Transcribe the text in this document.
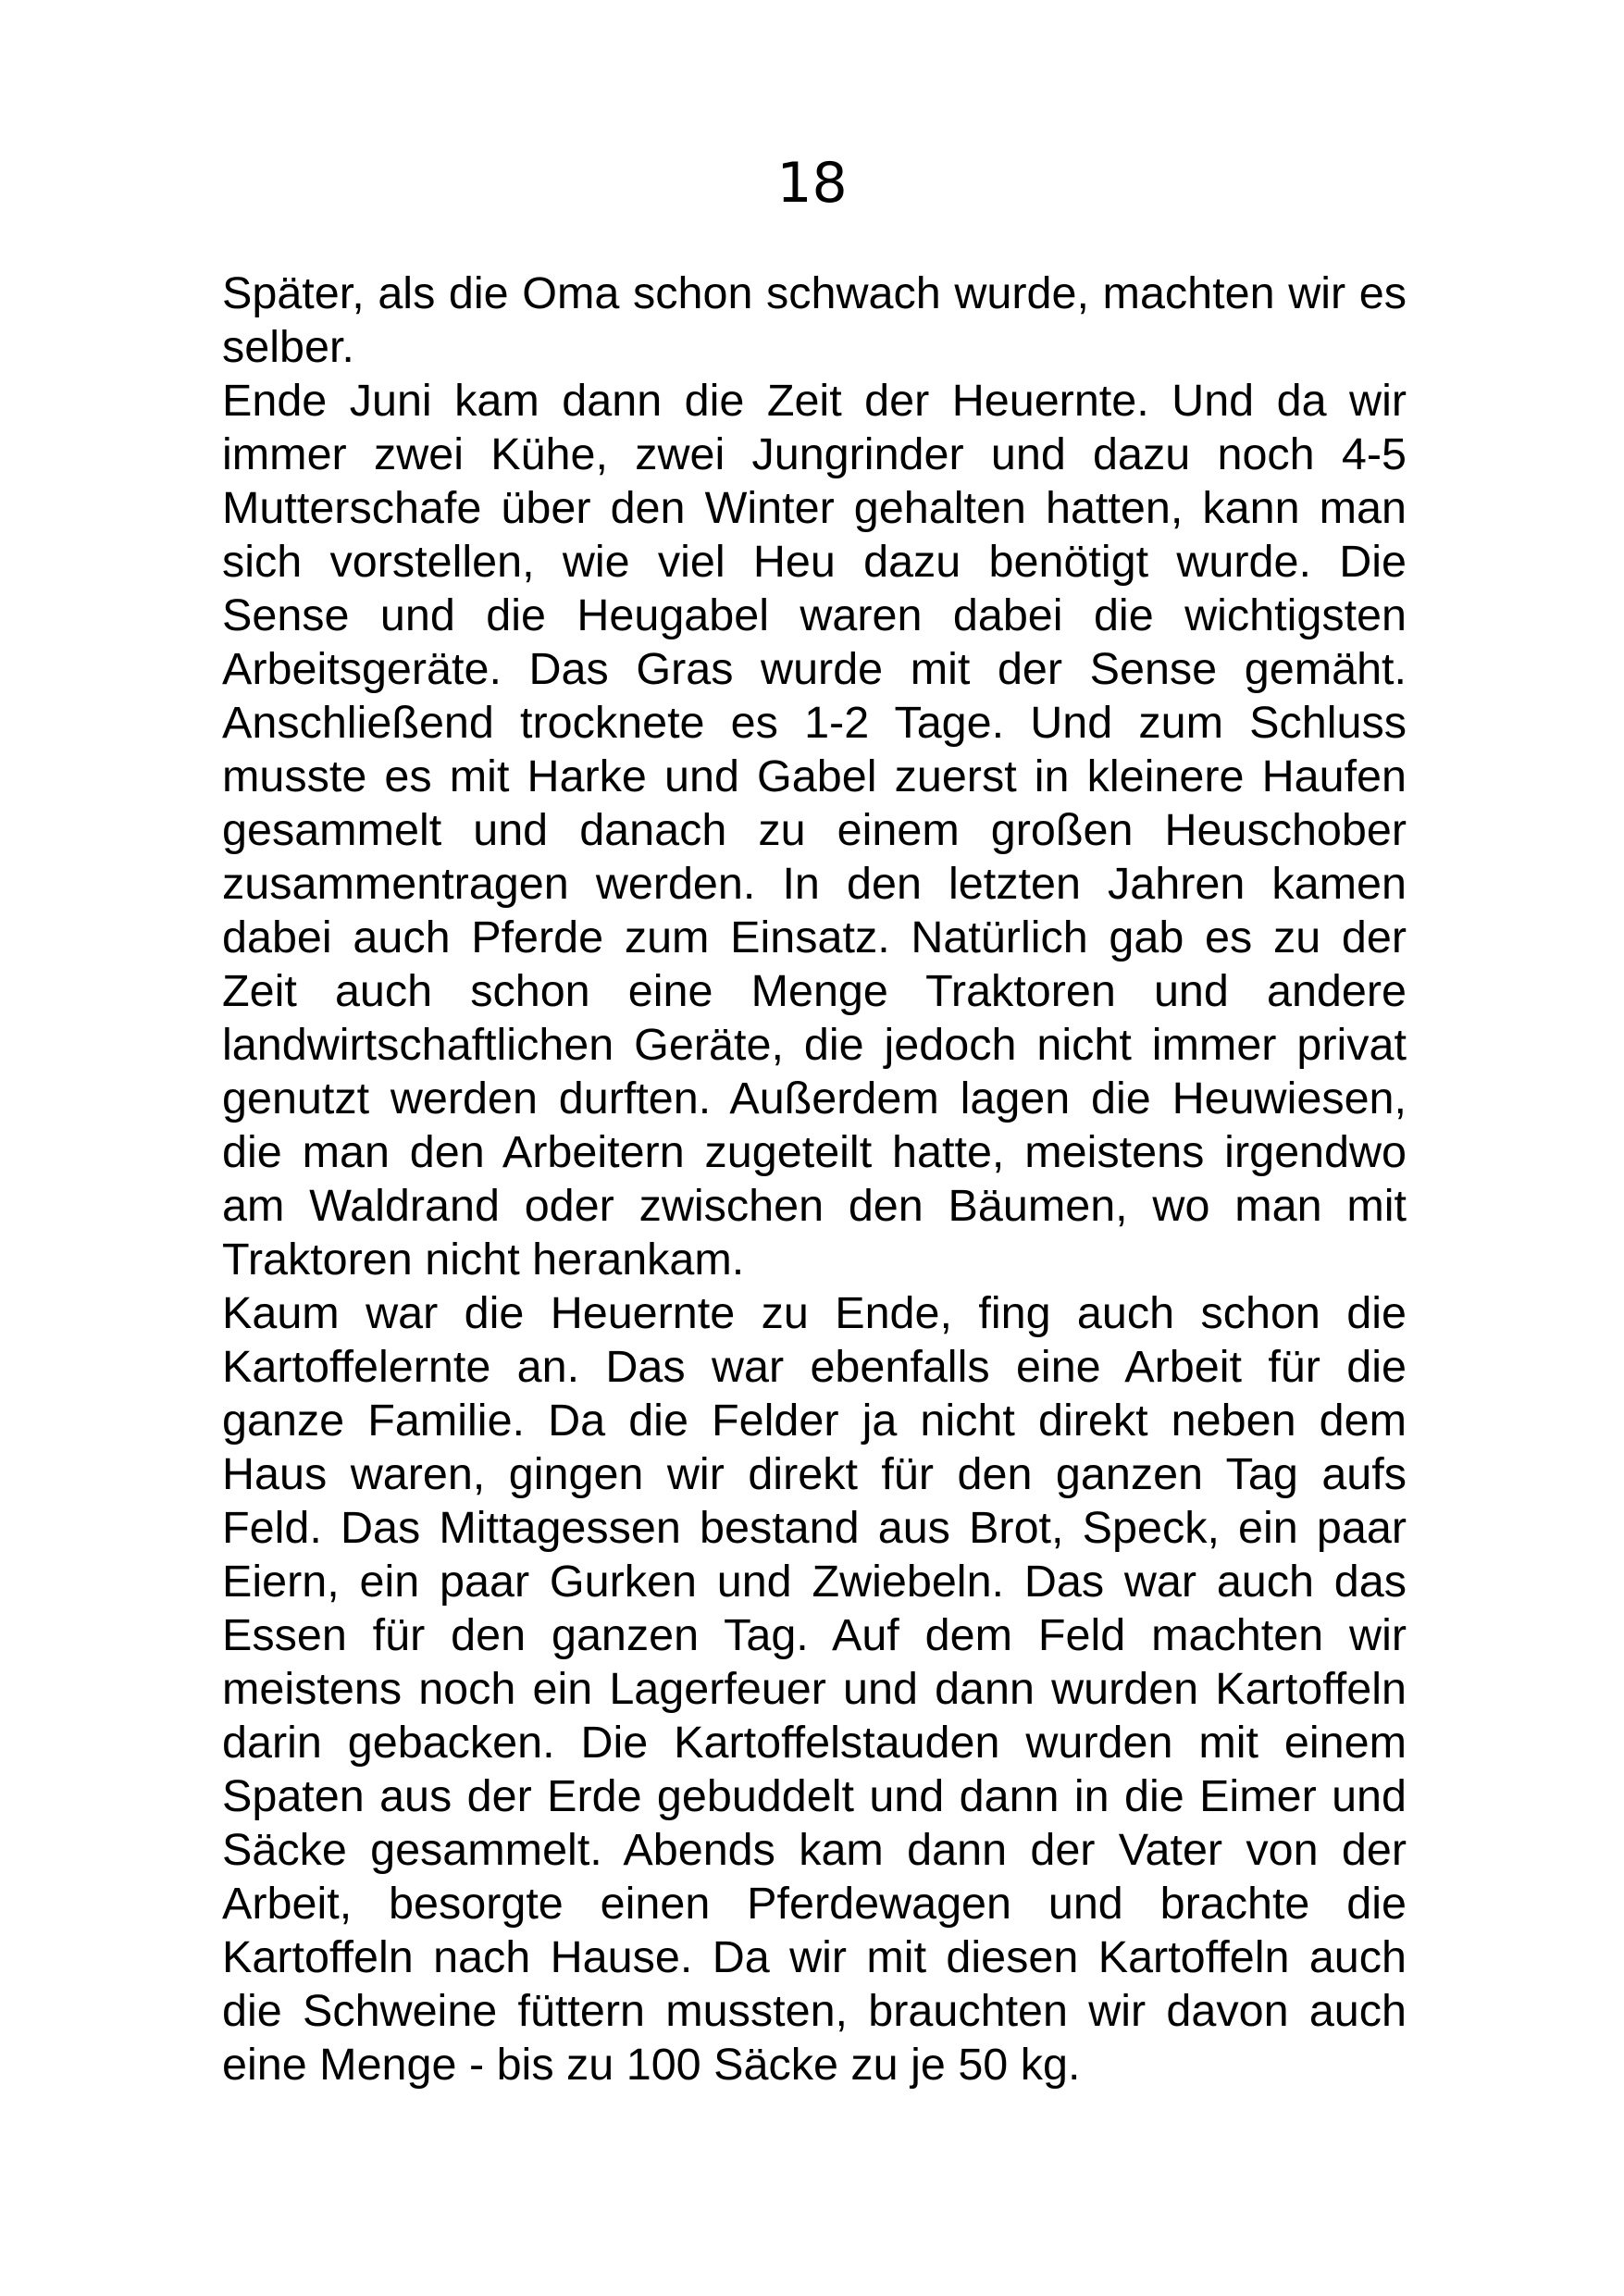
18

Später, als die Oma schon schwach wurde, machten wir es selber.

Ende Juni kam dann die Zeit der Heuernte. Und da wir immer zwei Kühe, zwei Jungrinder und dazu noch 4-5 Mutterschafe über den Winter gehalten hatten, kann man sich vorstellen, wie viel Heu dazu benötigt wurde. Die Sense und die Heugabel waren dabei die wichtigsten Arbeitsgeräte. Das Gras wurde mit der Sense gemäht. Anschließend trocknete es 1-2 Tage. Und zum Schluss musste es mit Harke und Gabel zuerst in kleinere Haufen gesammelt und danach zu einem großen Heuschober zusammentragen werden. In den letzten Jahren kamen dabei auch Pferde zum Einsatz. Natürlich gab es zu der Zeit auch schon eine Menge Traktoren und andere landwirtschaftlichen Geräte, die jedoch nicht immer privat genutzt werden durften. Außerdem lagen die Heuwiesen, die man den Arbeitern zugeteilt hatte, meistens irgendwo am Waldrand oder zwischen den Bäumen, wo man mit Traktoren nicht herankam.

Kaum war die Heuernte zu Ende, fing auch schon die Kartoffelernte an. Das war ebenfalls eine Arbeit für die ganze Familie. Da die Felder ja nicht direkt neben dem Haus waren, gingen wir direkt für den ganzen Tag aufs Feld. Das Mittagessen bestand aus Brot, Speck, ein paar Eiern, ein paar Gurken und Zwiebeln. Das war auch das Essen für den ganzen Tag. Auf dem Feld machten wir meistens noch ein Lagerfeuer und dann wurden Kartoffeln darin gebacken. Die Kartoffelstauden wurden mit einem Spaten aus der Erde gebuddelt und dann in die Eimer und Säcke gesammelt. Abends kam dann der Vater von der Arbeit, besorgte einen Pferdewagen und brachte die Kartoffeln nach Hause. Da wir mit diesen Kartoffeln auch die Schweine füttern mussten, brauchten wir davon auch eine Menge - bis zu 100 Säcke zu je 50 kg.
